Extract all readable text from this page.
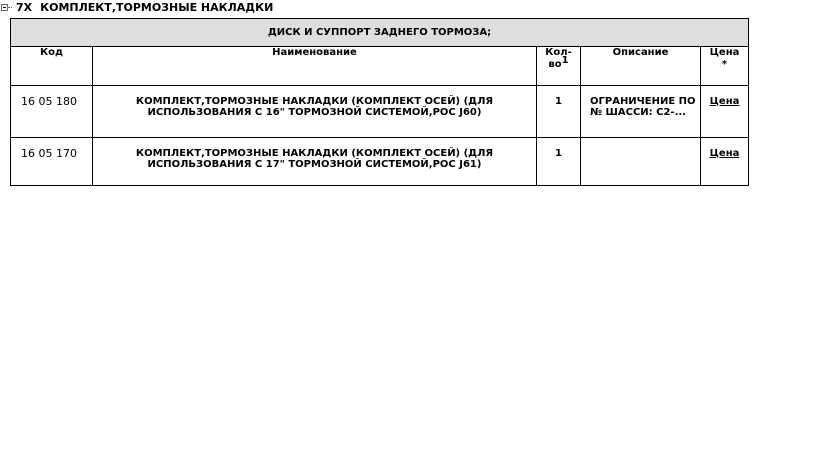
7X КОМПЛЕКТ,ТОРМОЗНЫЕ НАКЛАДКИ
ДИСК И СУППОРТ ЗАДНЕГО ТОРМОЗА;				
Код	Наименование	Кол-во1	Описание	Цена
*
16 05 180	КОМПЛЕКТ,ТОРМОЗНЫЕ НАКЛАДКИ (КОМПЛЕКТ ОСЕЙ) (ДЛЯ ИСПОЛЬЗОВАНИЯ С 16" ТОРМОЗНОЙ СИСТЕМОЙ,РОС J60)	1	ОГРАНИЧЕНИЕ ПО № ШАССИ: C2-...	Цена
16 05 170	КОМПЛЕКТ,ТОРМОЗНЫЕ НАКЛАДКИ (КОМПЛЕКТ ОСЕЙ) (ДЛЯ ИСПОЛЬЗОВАНИЯ С 17" ТОРМОЗНОЙ СИСТЕМОЙ,РОС J61)	1		Цена
